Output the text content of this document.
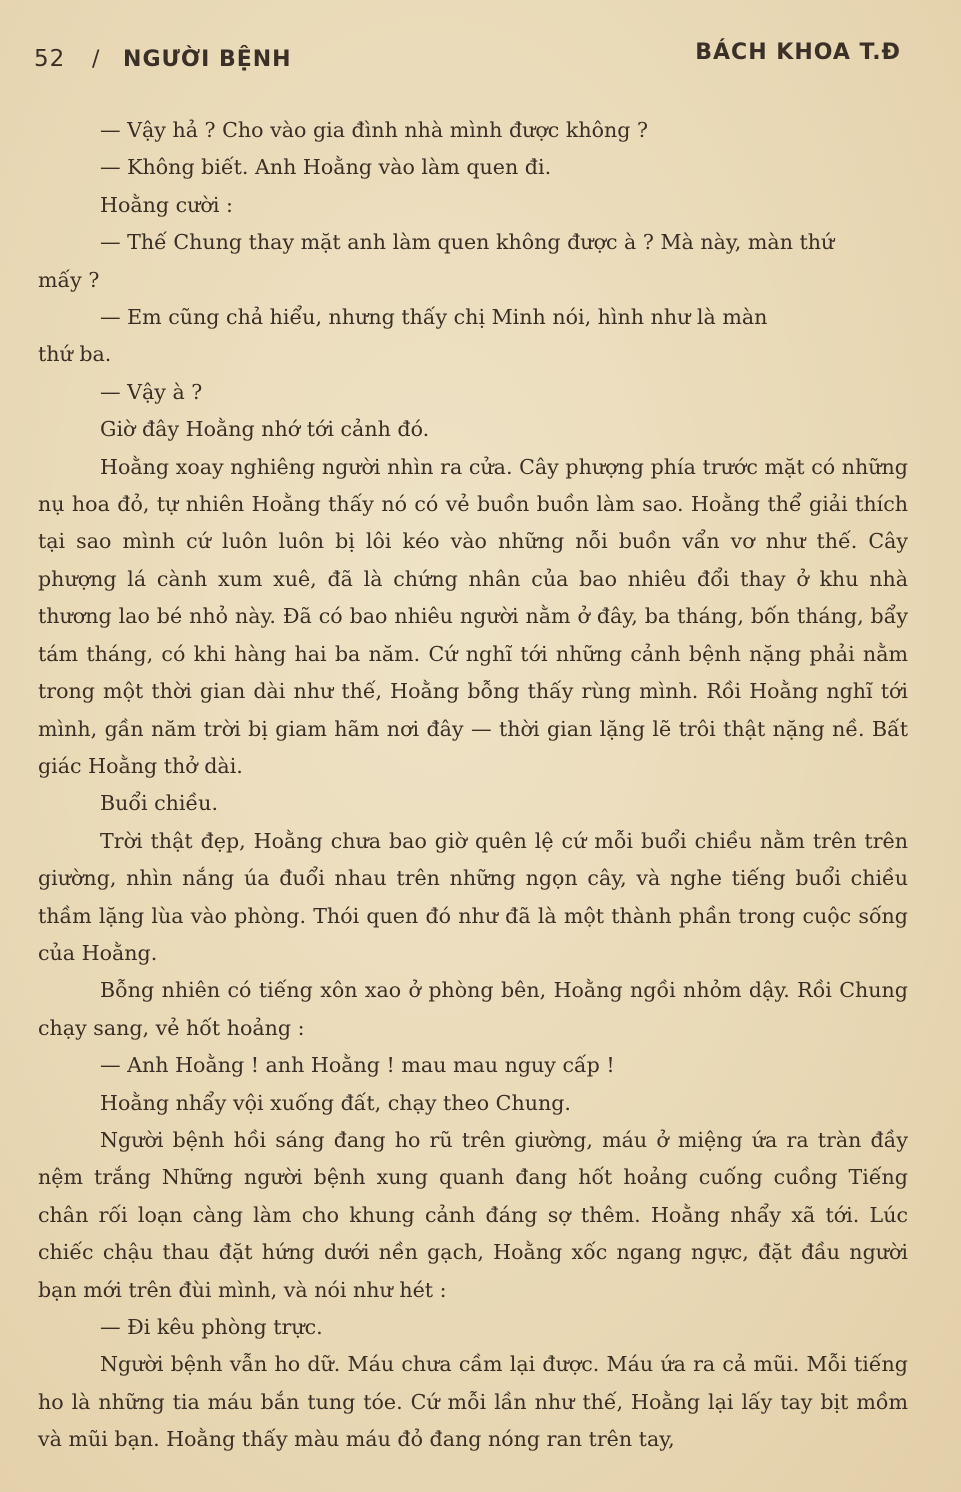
52 / NGƯỜI BỆNH	BÁCH KHOA T.Đ

— Vậy hả ? Cho vào gia đình nhà mình được không ?

— Không biết. Anh Hoằng vào làm quen đi.

Hoằng cười :

— Thế Chung thay mặt anh làm quen không được à ? Mà này, màn thứ

mấy ?

— Em cũng chả hiểu, nhưng thấy chị Minh nói, hình như là màn

thứ ba.

— Vậy à ?

Giờ đây Hoằng nhớ tới cảnh đó.

Hoằng xoay nghiêng người nhìn ra cửa. Cây phượng phía trước mặt có những nụ hoa đỏ, tự nhiên Hoằng thấy nó có vẻ buồn buồn làm sao. Hoằng thể giải thích tại sao mình cứ luôn luôn bị lôi kéo vào những nỗi buồn vẩn vơ như thế. Cây phượng lá cành xum xuê, đã là chứng nhân của bao nhiêu đổi thay ở khu nhà thương lao bé nhỏ này. Đã có bao nhiêu người nằm ở đây, ba tháng, bốn tháng, bẩy tám tháng, có khi hàng hai ba năm. Cứ nghĩ tới những cảnh bệnh nặng phải nằm trong một thời gian dài như thế, Hoằng bỗng thấy rùng mình. Rồi Hoằng nghĩ tới mình, gần năm trời bị giam hãm nơi đây — thời gian lặng lẽ trôi thật nặng nề. Bất giác Hoằng thở dài.

Buổi chiều.

Trời thật đẹp, Hoằng chưa bao giờ quên lệ cứ mỗi buổi chiều nằm trên trên giường, nhìn nắng úa đuổi nhau trên những ngọn cây, và nghe tiếng buổi chiều thầm lặng lùa vào phòng. Thói quen đó như đã là một thành phần trong cuộc sống của Hoằng.

Bỗng nhiên có tiếng xôn xao ở phòng bên, Hoằng ngồi nhỏm dậy. Rồi Chung chạy sang, vẻ hốt hoảng :

— Anh Hoằng ! anh Hoằng ! mau mau nguy cấp !

Hoằng nhẩy vội xuống đất, chạy theo Chung.

Người bệnh hồi sáng đang ho rũ trên giường, máu ở miệng ứa ra tràn đầy nệm trắng Những người bệnh xung quanh đang hốt hoảng cuống cuồng Tiếng chân rối loạn càng làm cho khung cảnh đáng sợ thêm. Hoằng nhẩy xã tới. Lúc chiếc chậu thau đặt hứng dưới nền gạch, Hoằng xốc ngang ngực, đặt đầu người bạn mới trên đùi mình, và nói như hét :

— Đi kêu phòng trực.

Người bệnh vẫn ho dữ. Máu chưa cầm lại được. Máu ứa ra cả mũi. Mỗi tiếng ho là những tia máu bắn tung tóe. Cứ mỗi lần như thế, Hoằng lại lấy tay bịt mồm và mũi bạn. Hoằng thấy màu máu đỏ đang nóng ran trên tay,
